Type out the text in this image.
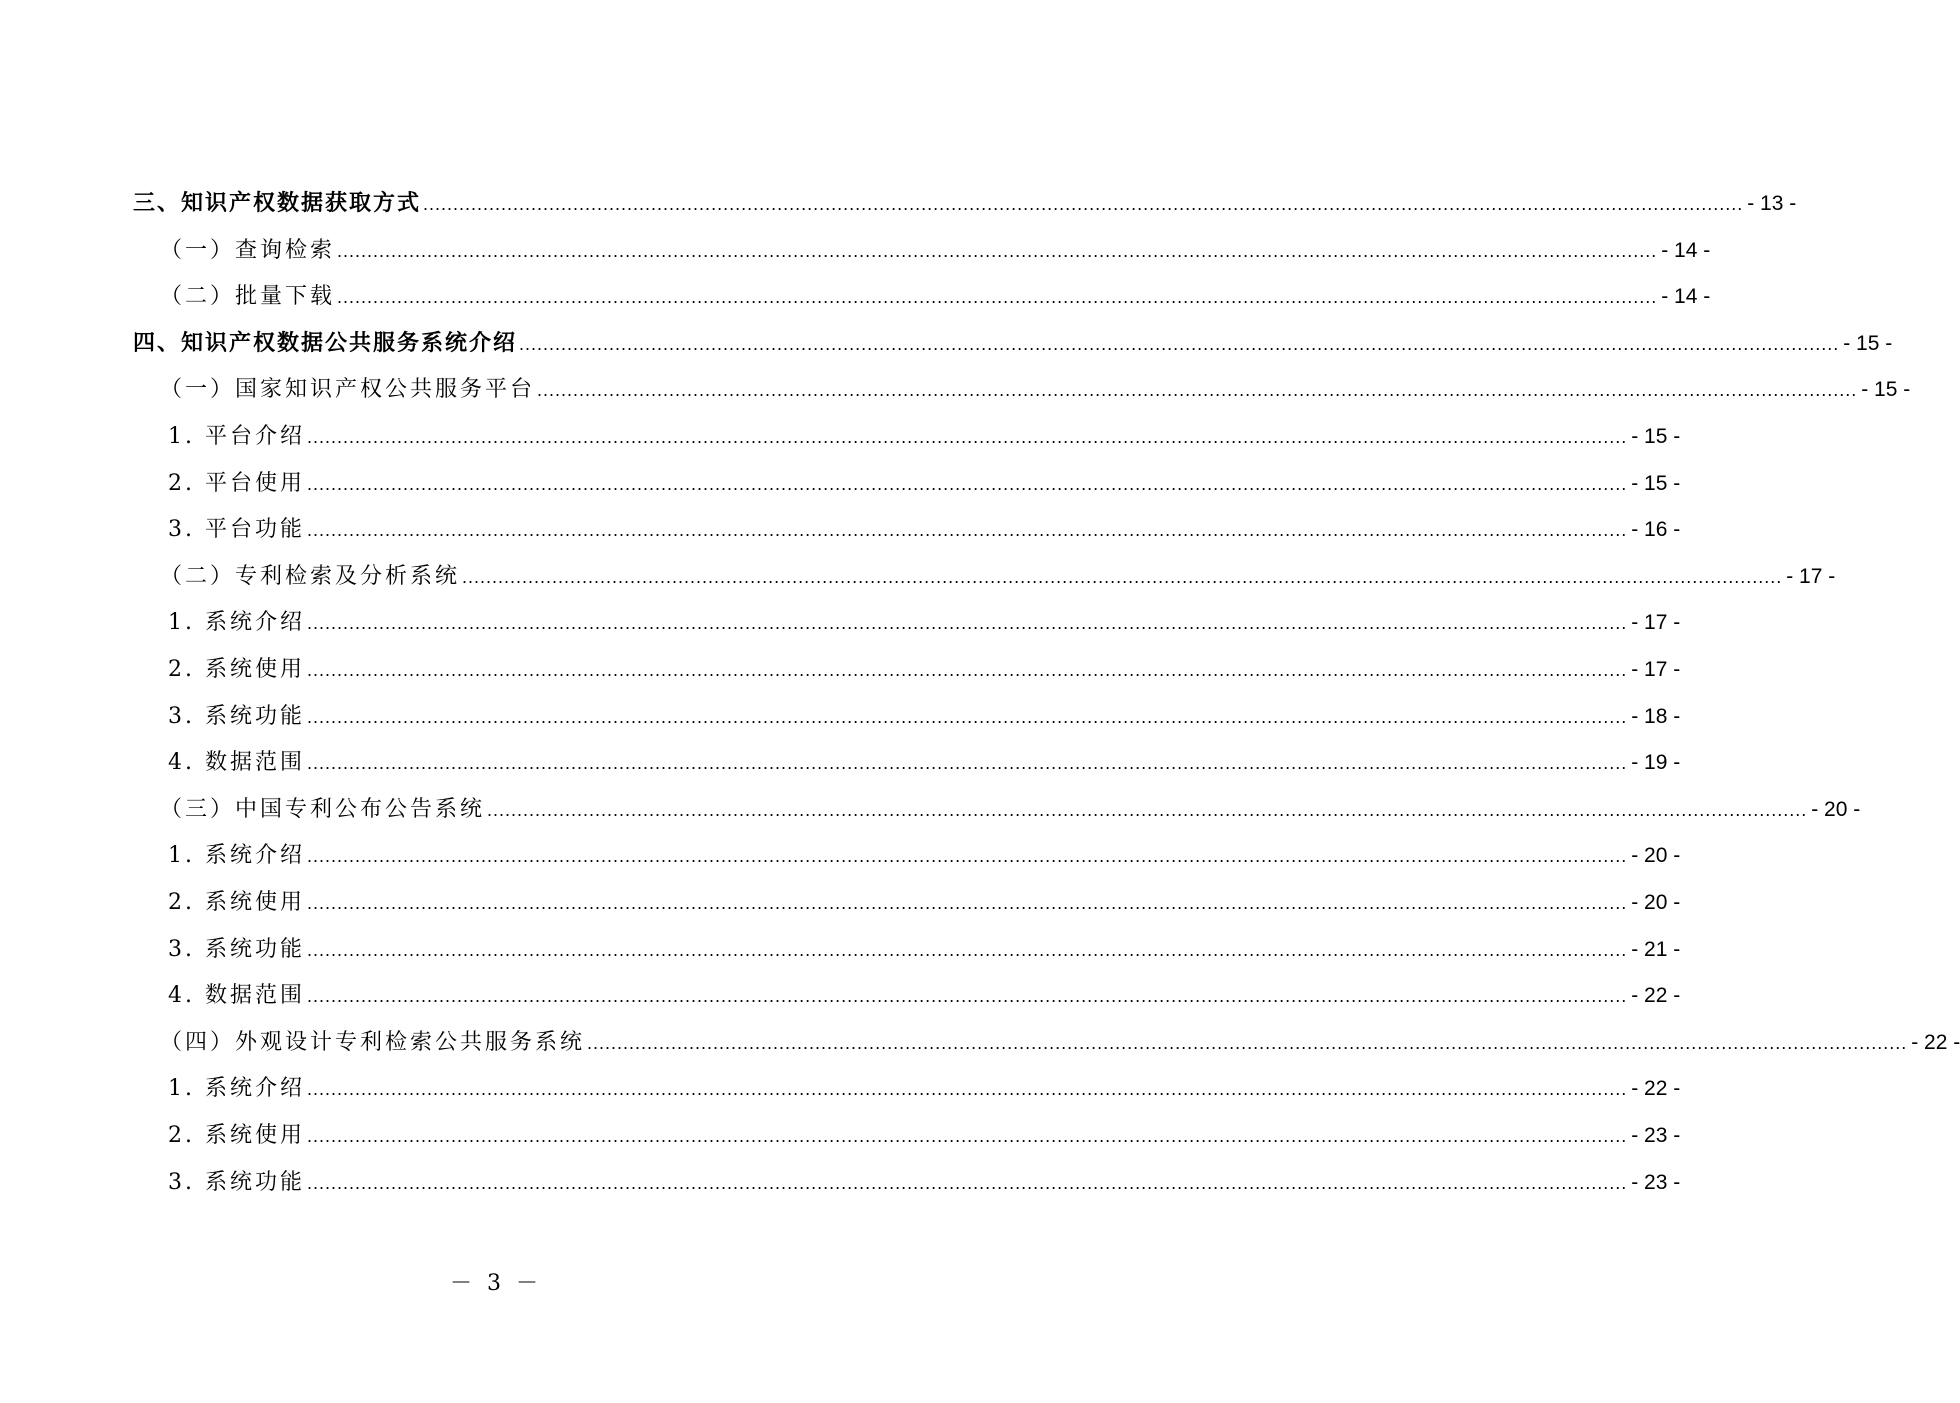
三、知识产权数据获取方式 ............................................................................................................................................................................................................................ - 13 -
（一）查询检索 ............................................................................................................................................................................................................................ - 14 -
（二）批量下载 ............................................................................................................................................................................................................................ - 14 -
四、知识产权数据公共服务系统介绍 ............................................................................................................................................................................................................................ - 15 -
（一）国家知识产权公共服务平台 ............................................................................................................................................................................................................................ - 15 -
1. 平台介绍 ............................................................................................................................................................................................................................ - 15 -
2. 平台使用 ............................................................................................................................................................................................................................ - 15 -
3. 平台功能 ............................................................................................................................................................................................................................ - 16 -
（二）专利检索及分析系统 ............................................................................................................................................................................................................................ - 17 -
1. 系统介绍 ............................................................................................................................................................................................................................ - 17 -
2. 系统使用 ............................................................................................................................................................................................................................ - 17 -
3. 系统功能 ............................................................................................................................................................................................................................ - 18 -
4. 数据范围 ............................................................................................................................................................................................................................ - 19 -
（三）中国专利公布公告系统 ............................................................................................................................................................................................................................ - 20 -
1. 系统介绍 ............................................................................................................................................................................................................................ - 20 -
2. 系统使用 ............................................................................................................................................................................................................................ - 20 -
3. 系统功能 ............................................................................................................................................................................................................................ - 21 -
4. 数据范围 ............................................................................................................................................................................................................................ - 22 -
（四）外观设计专利检索公共服务系统 ............................................................................................................................................................................................................................ - 22 -
1. 系统介绍 ............................................................................................................................................................................................................................ - 22 -
2. 系统使用 ............................................................................................................................................................................................................................ - 23 -
3. 系统功能 ............................................................................................................................................................................................................................ - 23 -
－ 3 －
